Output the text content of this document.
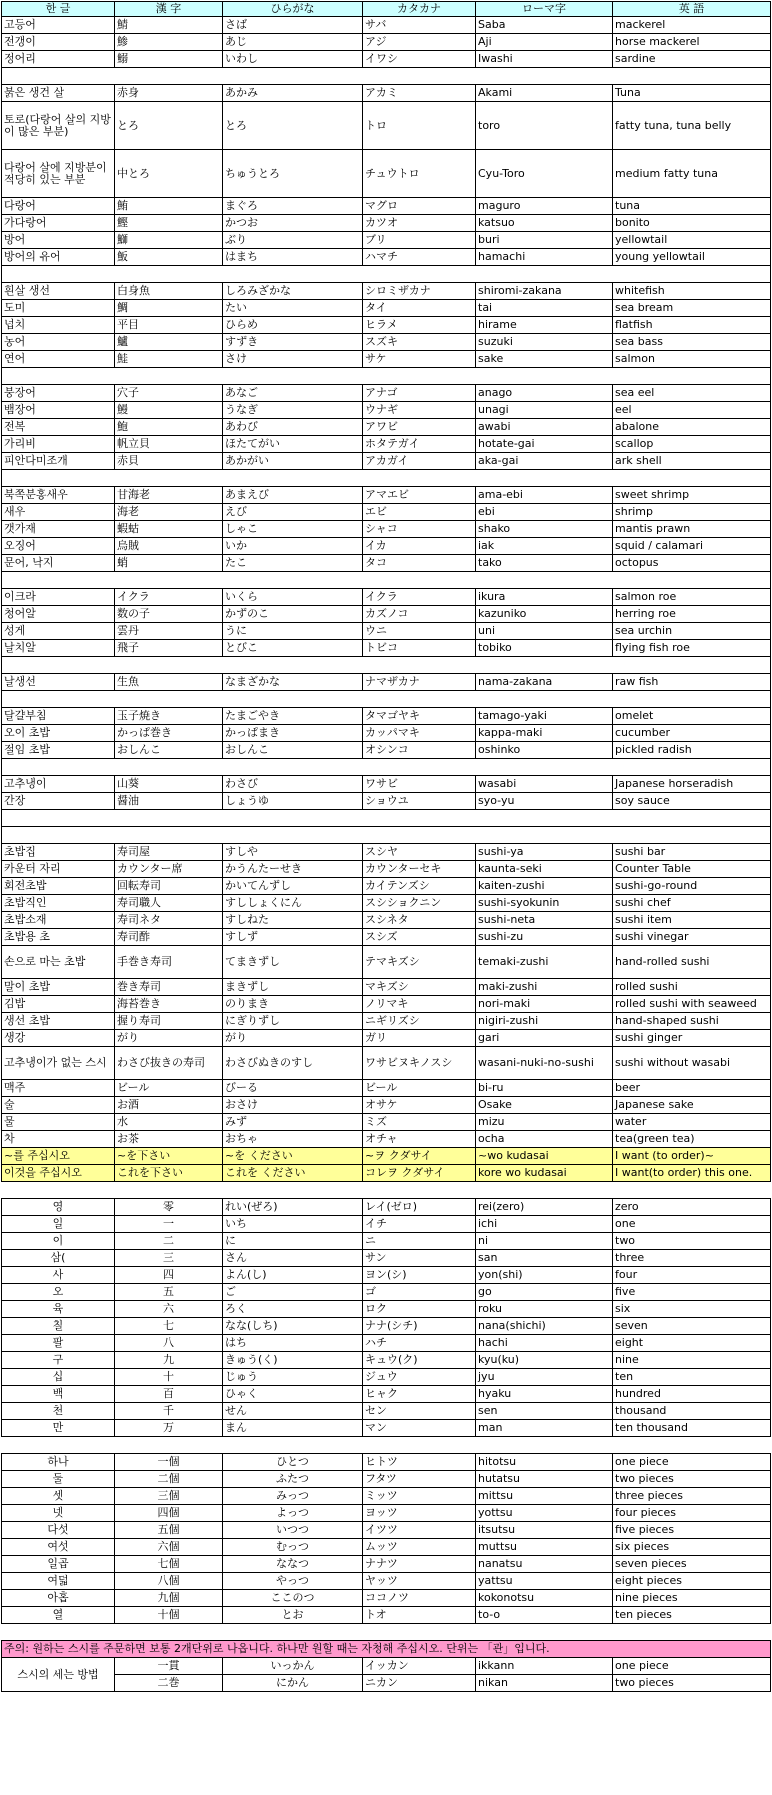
한 글	漢 字	ひらがな	カタカナ	ローマ字	英 語
고등어	鯖	さば	サバ	Saba	mackerel
전갱이	鯵	あじ	アジ	Aji	horse mackerel
정어리	鰯	いわし	イワシ	Iwashi	sardine

붉은 생건 살	赤身	あかみ	アカミ	Akami	Tuna
토로(다랑어 살의 지방이 많은 부분)	とろ	とろ	トロ	toro	fatty tuna, tuna belly
다랑어 살에 지방분이 적당히 있는 부분	中とろ	ちゅうとろ	チュウトロ	Cyu-Toro	medium fatty tuna
다랑어	鮪	まぐろ	マグロ	maguro	tuna
가다랑어	鰹	かつお	カツオ	katsuo	bonito
방어	鰤	ぶり	ブリ	buri	yellowtail
방어의 유어	魬	はまち	ハマチ	hamachi	young yellowtail

흰살 생선	白身魚	しろみざかな	シロミザカナ	shiromi-zakana	whitefish
도미	鯛	たい	タイ	tai	sea bream
넙치	平目	ひらめ	ヒラメ	hirame	flatfish
농어	鱸	すずき	スズキ	suzuki	sea bass
연어	鮭	さけ	サケ	sake	salmon

붕장어	穴子	あなご	アナゴ	anago	sea eel
뱀장어	鰻	うなぎ	ウナギ	unagi	eel
전복	鮑	あわび	アワビ	awabi	abalone
가리비	帆立貝	ほたてがい	ホタテガイ	hotate-gai	scallop
피안다미조개	赤貝	あかがい	アカガイ	aka-gai	ark shell

북쪽분홍새우	甘海老	あまえび	アマエビ	ama-ebi	sweet shrimp
새우	海老	えび	エビ	ebi	shrimp
갯가재	蝦蛄	しゃこ	シャコ	shako	mantis prawn
오징어	烏賊	いか	イカ	iak	squid / calamari
문어, 낙지	蛸	たこ	タコ	tako	octopus

이크라	イクラ	いくら	イクラ	ikura	salmon roe
청어알	数の子	かずのこ	カズノコ	kazuniko	herring roe
성게	雲丹	うに	ウニ	uni	sea urchin
날치알	飛子	とびこ	トビコ	tobiko	flying fish roe

날생선	生魚	なまざかな	ナマザカナ	nama-zakana	raw fish

달걀부침	玉子焼き	たまごやき	タマゴヤキ	tamago-yaki	omelet
오이 초밥	かっぱ巻き	かっぱまき	カッパマキ	kappa-maki	cucumber
절임 초밥	おしんこ	おしんこ	オシンコ	oshinko	pickled radish

고추냉이	山葵	わさび	ワサビ	wasabi	Japanese horseradish
간장	醤油	しょうゆ	ショウユ	syo-yu	soy sauce

초밥집	寿司屋	すしや	スシヤ	sushi-ya	sushi bar
카운터 자리	カウンター席	かうんたーせき	カウンターセキ	kaunta-seki	Counter Table
회전초밥	回転寿司	かいてんずし	カイテンズシ	kaiten-zushi	sushi-go-round
초밥직인	寿司職人	すししょくにん	スシショクニン	sushi-syokunin	sushi chef
초밥소재	寿司ネタ	すしねた	スシネタ	sushi-neta	sushi item
초밥용 초	寿司酢	すしず	スシズ	sushi-zu	sushi vinegar
손으로 마는 초밥	手巻き寿司	てまきずし	テマキズシ	temaki-zushi	hand-rolled sushi
말이 초밥	巻き寿司	まきずし	マキズシ	maki-zushi	rolled sushi
김밥	海苔巻き	のりまき	ノリマキ	nori-maki	rolled sushi with seaweed
생선 초밥	握り寿司	にぎりずし	ニギリズシ	nigiri-zushi	hand-shaped sushi
생강	がり	がり	ガリ	gari	sushi ginger
고추냉이가 없는 스시	わさび抜きの寿司	わさびぬきのすし	ワサビヌキノスシ	wasani-nuki-no-sushi	sushi without wasabi
맥주	ビール	びーる	ビール	bi-ru	beer
술	お酒	おさけ	オサケ	Osake	Japanese sake
물	水	みず	ミズ	mizu	water
차	お茶	おちゃ	オチャ	ocha	tea(green tea)
~를 주십시오	~を下さい	~を ください	~ヲ クダサイ	~wo kudasai	I want (to order)~
이것을 주십시오	これを下さい	これを ください	コレヲ クダサイ	kore wo kudasai	I want(to order) this one.

영	零	れい(ぜろ)	レイ(ゼロ)	rei(zero)	zero
일	一	いち	イチ	ichi	one
이	二	に	ニ	ni	two
삼(	三	さん	サン	san	three
사	四	よん(し)	ヨン(シ)	yon(shi)	four
오	五	ご	ゴ	go	five
육	六	ろく	ロク	roku	six
칠	七	なな(しち)	ナナ(シチ)	nana(shichi)	seven
팔	八	はち	ハチ	hachi	eight
구	九	きゅう(く)	キュウ(ク)	kyu(ku)	nine
십	十	じゅう	ジュウ	jyu	ten
백	百	ひゃく	ヒャク	hyaku	hundred
천	千	せん	セン	sen	thousand
만	万	まん	マン	man	ten thousand

하나	一個	ひとつ	ヒトツ	hitotsu	one piece
둘	二個	ふたつ	フタツ	hutatsu	two pieces
셋	三個	みっつ	ミッツ	mittsu	three pieces
넷	四個	よっつ	ヨッツ	yottsu	four pieces
다섯	五個	いつつ	イツツ	itsutsu	five pieces
여섯	六個	むっつ	ムッツ	muttsu	six pieces
일곱	七個	ななつ	ナナツ	nanatsu	seven pieces
여덟	八個	やっつ	ヤッツ	yattsu	eight pieces
아홉	九個	ここのつ	ココノツ	kokonotsu	nine pieces
열	十個	とお	トオ	to-o	ten pieces

주의: 원하는 스시를 주문하면 보통 2개단위로 나옵니다. 하나만 원할 때는 자청해 주십시오. 단위는 「관」입니다.					
스시의 세는 방법	一貫	いっかん	イッカン	ikkann	one piece
	二巻	にかん	ニカン	nikan	two pieces
